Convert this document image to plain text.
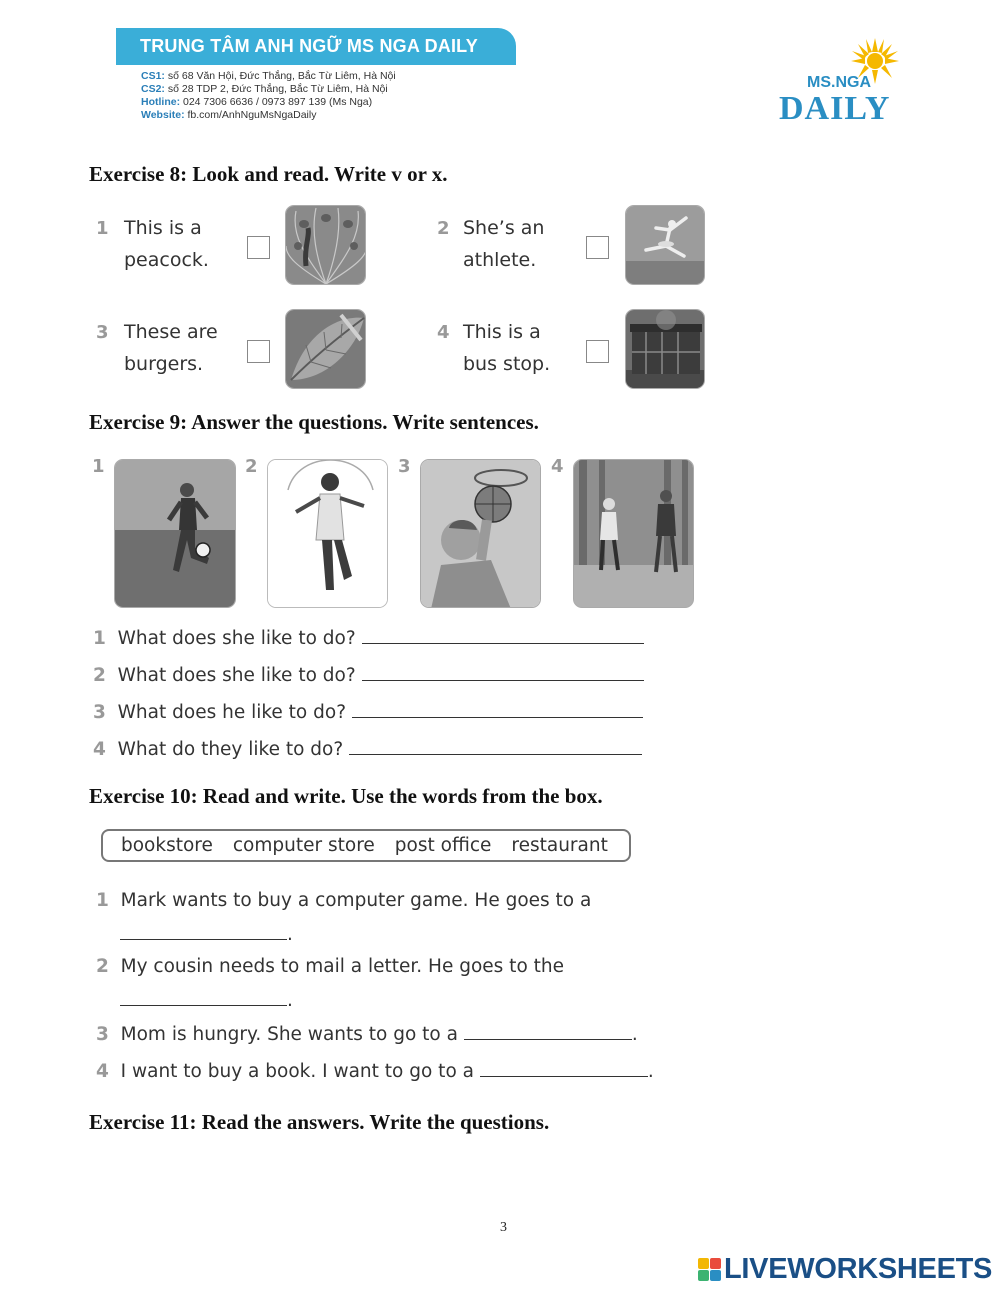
TRUNG TÂM ANH NGỮ MS NGA DAILY
CS1: số 68 Văn Hội, Đức Thắng, Bắc Từ Liêm, Hà Nội
CS2: số 28 TDP 2, Đức Thắng, Bắc Từ Liêm, Hà Nội
Hotline: 024 7306 6636 / 0973 897 139 (Ms Nga)
Website: fb.com/AnhNguMsNgaDaily
MS.NGA
DAILY
Exercise 8: Look and read. Write v or x.
1 This is a
peacock.
2 She’s an
athlete.
3 These are
burgers.
4 This is a
bus stop.
Exercise 9: Answer the questions. Write sentences.
1	2	3	4
1 What does she like to do?
2 What does she like to do?
3 What does he like to do?
4 What do they like to do?
Exercise 10: Read and write. Use the words from the box.
bookstore computer store post office restaurant
1 Mark wants to buy a computer game. He goes to a
.
2 My cousin needs to mail a letter. He goes to the
.
3 Mom is hungry. She wants to go to a	.
4 I want to buy a book. I want to go to a	.
Exercise 11: Read the answers. Write the questions.
3
LIVEWORKSHEETS
